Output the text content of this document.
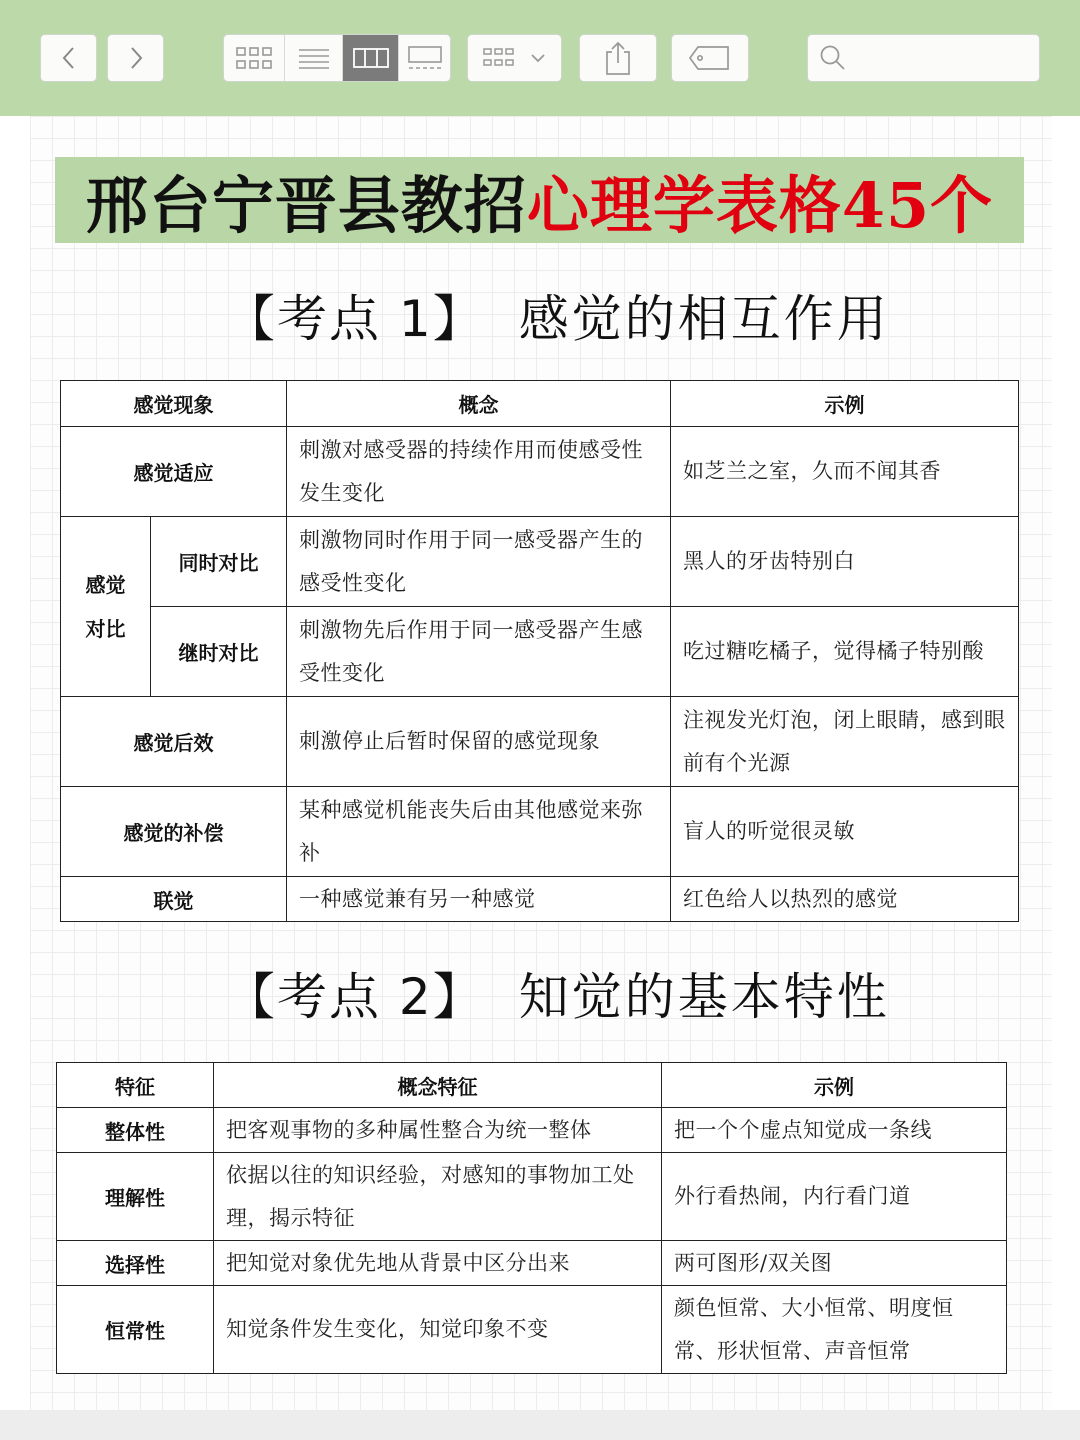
邢台宁晋县教招 心理学表格45个
【考点 1】 感觉的相互作用
感觉现象		概念	示例
感觉适应		刺激对感受器的持续作用而使感受性发生变化	如芝兰之室，久而不闻其香

感觉
对比	同时对比	刺激物同时作用于同一感受器产生的感受性变化	黑人的牙齿特别白
	继时对比	刺激物先后作用于同一感受器产生感受性变化	吃过糖吃橘子，觉得橘子特别酸
感觉后效		刺激停止后暂时保留的感觉现象	注视发光灯泡，闭上眼睛，感到眼前有个光源
感觉的补偿		某种感觉机能丧失后由其他感觉来弥补	盲人的听觉很灵敏
联觉		一种感觉兼有另一种感觉	红色给人以热烈的感觉
【考点 2】 知觉的基本特性
特征	概念特征	示例
整体性	把客观事物的多种属性整合为统一整体	把一个个虚点知觉成一条线
理解性	依据以往的知识经验，对感知的事物加工处理，揭示特征	外行看热闹，内行看门道
选择性	把知觉对象优先地从背景中区分出来	两可图形/双关图
恒常性	知觉条件发生变化，知觉印象不变	颜色恒常、大小恒常、明度恒常、形状恒常、声音恒常
